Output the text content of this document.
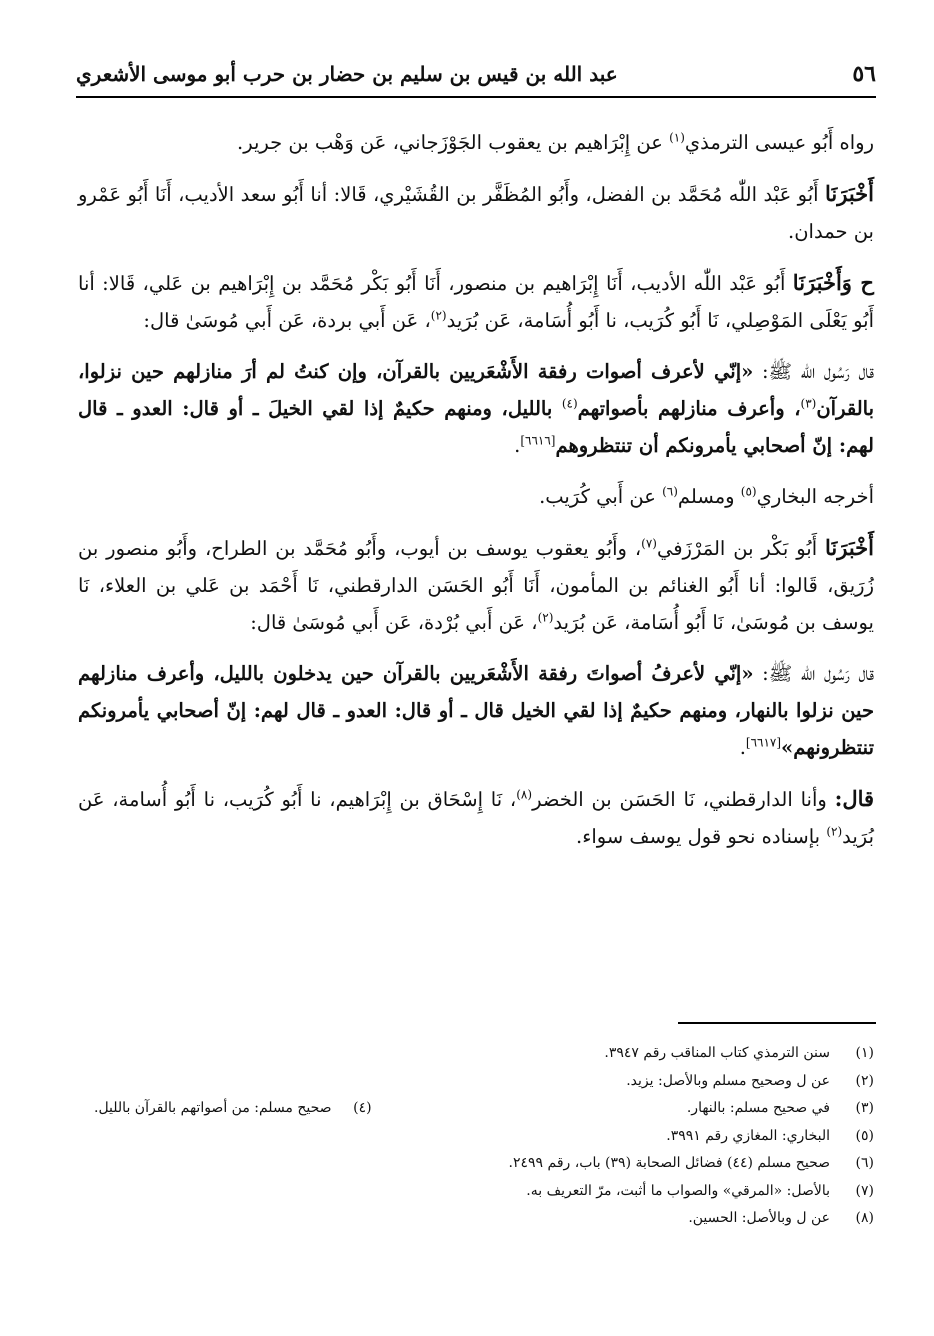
عبد الله بن قيس بن سليم بن حضار بن حرب أبو موسى الأشعري	٥٦

رواه أَبُو عيسى الترمذي$^{(١)}$ عن إِبْرَاهيم بن يعقوب الجَوْزَجاني، عَن وَهْب بن جرير.

أَخْبَرَنَا أَبُو عَبْد اللّٰه مُحَمَّد بن الفضل، وأَبُو المُظَفَّر بن القُشَيْري، قَالا: أنا أَبُو سعد الأديب، أَنَا أَبُو عَمْرو بن حمدان.

ح وَأَخْبَرَنَا أَبُو عَبْد اللّٰه الأديب، أَنَا إِبْرَاهيم بن منصور، أَنَا أَبُو بَكْر مُحَمَّد بن إِبْرَاهيم بن عَلي، قَالا: أنا أَبُو يَعْلَى المَوْصِلي، نَا أَبُو كُرَيب، نا أَبُو أُسَامة، عَن بُرَيد$^{(٢)}$، عَن أَبي بردة، عَن أَبي مُوسَىٰ قال:

قال رَسُول اللّٰه ﷺ: «إنّي لأعرف أصوات رفقة الأَشْعَريين بالقرآن، وإن كنتُ لم أرَ منازلهم حين نزلوا، بالقرآن$^{(٣)}$، وأعرف منازلهم بأصواتهم$^{(٤)}$ بالليل، ومنهم حكيمٌ إذا لقي الخيلَ ـ أو قال: العدو ـ قال لهم: إنّ أصحابي يأمرونكم أن تنتظروهم[٦٦١٦].

أخرجه البخاري$^{(٥)}$ ومسلم$^{(٦)}$ عن أَبي كُرَيب.

أَخْبَرَنَا أَبُو بَكْر بن المَرْزَفي$^{(٧)}$، وأَبُو يعقوب يوسف بن أيوب، وأَبُو مُحَمَّد بن الطراح، وأَبُو منصور بن زُرَيق، قَالوا: أنا أَبُو الغنائم بن المأمون، أَنَا أَبُو الحَسَن الدارقطني، نَا أَحْمَد بن عَلي بن العلاء، نَا يوسف بن مُوسَىٰ، نَا أَبُو أُسَامة، عَن بُرَيد$^{(٢)}$، عَن أَبي بُرْدة، عَن أَبي مُوسَىٰ قال:

قال رَسُول اللّٰه ﷺ: «إنّي لأعرفُ أصواتَ رفقة الأَشْعَريين بالقرآن حين يدخلون بالليل، وأعرف منازلهم حين نزلوا بالنهار، ومنهم حكيمٌ إذا لقي الخيل قال ـ أو قال: العدو ـ قال لهم: إنّ أصحابي يأمرونكم تنتظرونهم»[٦٦١٧].

قال: وأنا الدارقطني، نَا الحَسَن بن الخضر$^{(٨)}$، نَا إِسْحَاق بن إِبْرَاهيم، نا أَبُو كُرَيب، نا أَبُو أُسامة، عَن بُرَيد$^{(٢)}$ بإسناده نحو قول يوسف سواء.

(١)
سنن الترمذي كتاب المناقب رقم ٣٩٤٧.
(٢)
عن ل وصحيح مسلم وبالأصل: يزيد.
(٣)
في صحيح مسلم: بالنهار.
(٤)
صحيح مسلم: من أصواتهم بالقرآن بالليل.
(٥)
البخاري: المغازي رقم ٣٩٩١.
(٦)
صحيح مسلم (٤٤) فضائل الصحابة (٣٩) باب، رقم ٢٤٩٩.
(٧)
بالأصل: «المرقي» والصواب ما أثبت، مرّ التعريف به.
(٨)
عن ل وبالأصل: الحسين.
